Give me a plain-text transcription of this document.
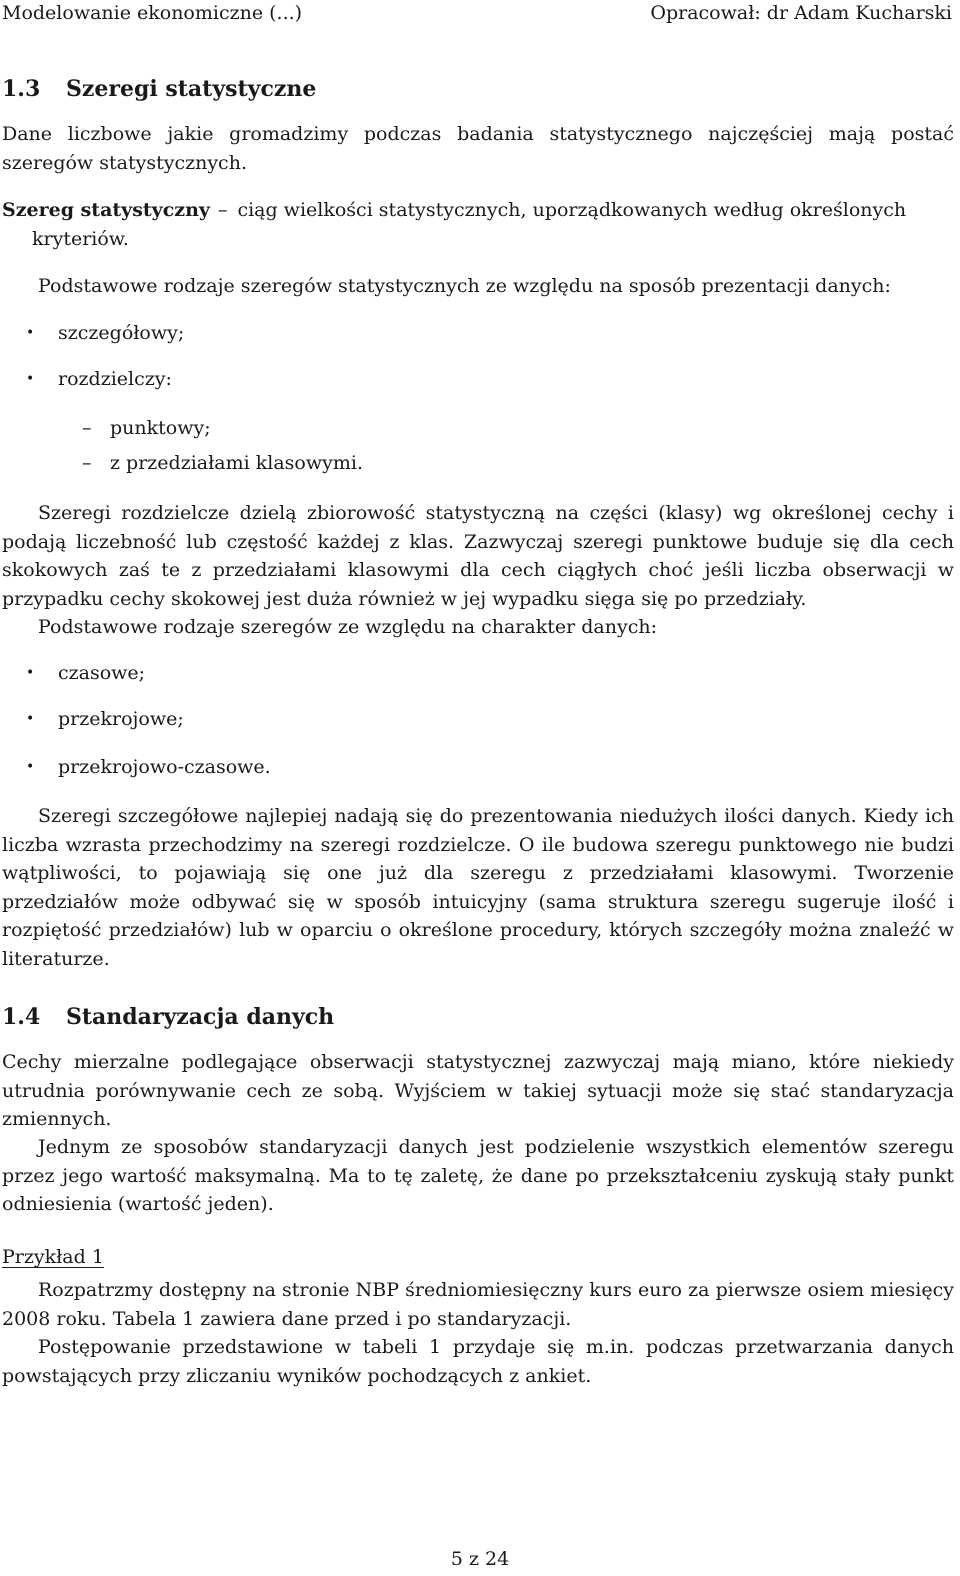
Modelowanie ekonomiczne (...)	Opracował: dr Adam Kucharski
1.3 Szeregi statystyczne
Dane liczbowe jakie gromadzimy podczas badania statystycznego najczęściej mają postać szeregów statystycznych.
Szereg statystyczny – ciąg wielkości statystycznych, uporządkowanych według określonych
kryteriów.
Podstawowe rodzaje szeregów statystycznych ze względu na sposób prezentacji danych:
• szczegółowy;
• rozdzielczy:
– punktowy;
– z przedziałami klasowymi.
Szeregi rozdzielcze dzielą zbiorowość statystyczną na części (klasy) wg określonej cechy i podają liczebność lub częstość każdej z klas. Zazwyczaj szeregi punktowe buduje się dla cech skokowych zaś te z przedziałami klasowymi dla cech ciągłych choć jeśli liczba obserwacji w przypadku cechy skokowej jest duża również w jej wypadku sięga się po przedziały.
Podstawowe rodzaje szeregów ze względu na charakter danych:
• czasowe;
• przekrojowe;
• przekrojowo-czasowe.
Szeregi szczegółowe najlepiej nadają się do prezentowania niedużych ilości danych. Kiedy ich liczba wzrasta przechodzimy na szeregi rozdzielcze. O ile budowa szeregu punktowego nie budzi wątpliwości, to pojawiają się one już dla szeregu z przedziałami klasowymi. Tworzenie przedziałów może odbywać się w sposób intuicyjny (sama struktura szeregu sugeruje ilość i rozpiętość przedziałów) lub w oparciu o określone procedury, których szczegóły można znaleźć w literaturze.
1.4 Standaryzacja danych
Cechy mierzalne podlegające obserwacji statystycznej zazwyczaj mają miano, które niekiedy utrudnia porównywanie cech ze sobą. Wyjściem w takiej sytuacji może się stać standaryzacja zmiennych.
Jednym ze sposobów standaryzacji danych jest podzielenie wszystkich elementów szeregu przez jego wartość maksymalną. Ma to tę zaletę, że dane po przekształceniu zyskują stały punkt odniesienia (wartość jeden).
Przykład 1
Rozpatrzmy dostępny na stronie NBP średniomiesięczny kurs euro za pierwsze osiem miesięcy 2008 roku. Tabela 1 zawiera dane przed i po standaryzacji.
Postępowanie przedstawione w tabeli 1 przydaje się m.in. podczas przetwarzania danych powstających przy zliczaniu wyników pochodzących z ankiet.
5 z 24
